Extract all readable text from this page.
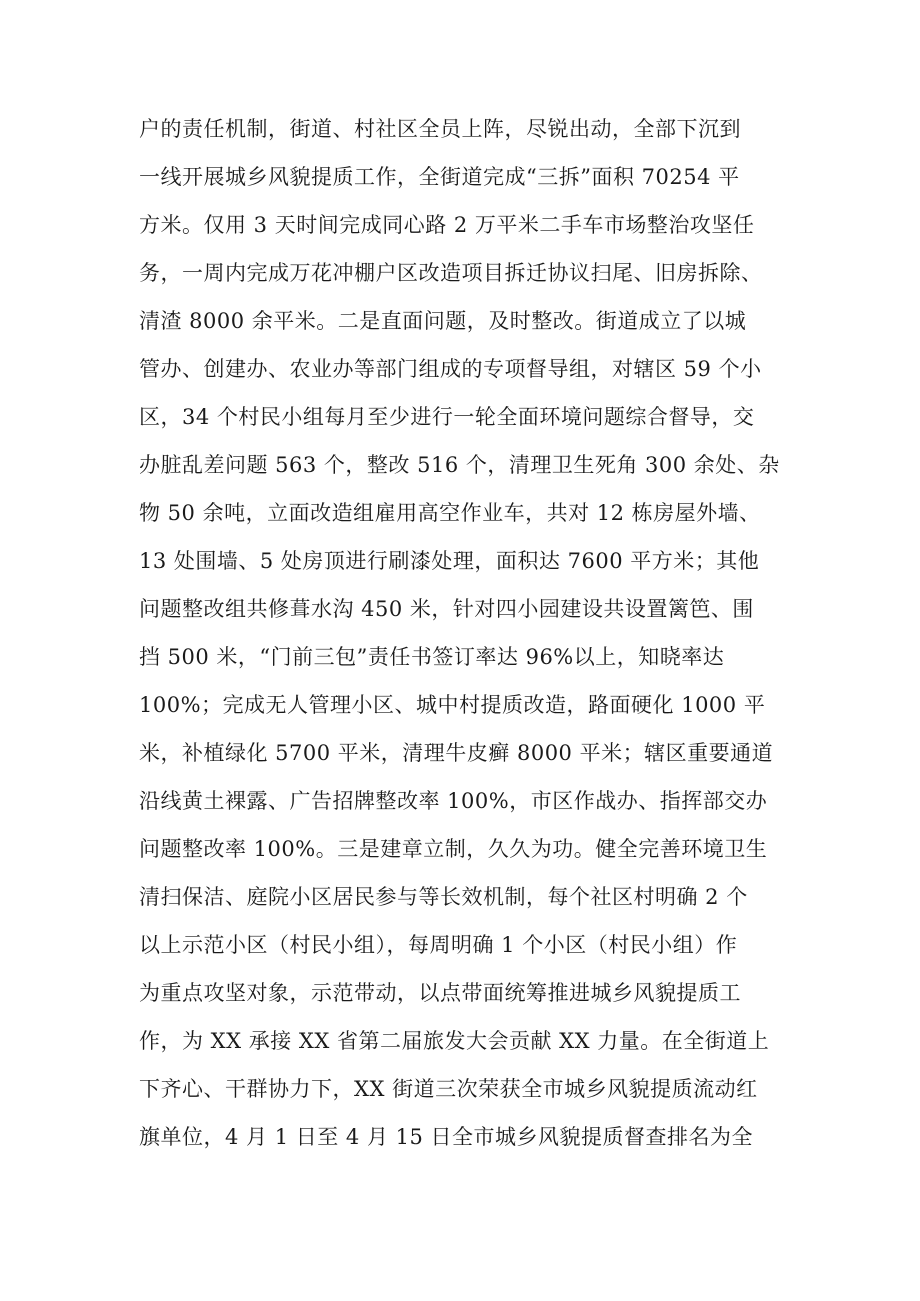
户的责任机制，街道、村社区全员上阵，尽锐出动，全部下沉到
一线开展城乡风貌提质工作，全街道完成“三拆”面积 70254 平
方米。仅用 3 天时间完成同心路 2 万平米二手车市场整治攻坚任
务，一周内完成万花冲棚户区改造项目拆迁协议扫尾、旧房拆除、
清渣 8000 余平米。二是直面问题，及时整改。街道成立了以城
管办、创建办、农业办等部门组成的专项督导组，对辖区 59 个小
区，34 个村民小组每月至少进行一轮全面环境问题综合督导，交
办脏乱差问题 563 个，整改 516 个，清理卫生死角 300 余处、杂
物 50 余吨，立面改造组雇用高空作业车，共对 12 栋房屋外墙、
13 处围墙、5 处房顶进行刷漆处理，面积达 7600 平方米；其他
问题整改组共修葺水沟 450 米，针对四小园建设共设置篱笆、围
挡 500 米，“门前三包”责任书签订率达 96%以上，知晓率达
100%；完成无人管理小区、城中村提质改造，路面硬化 1000 平
米，补植绿化 5700 平米，清理牛皮癣 8000 平米；辖区重要通道
沿线黄土裸露、广告招牌整改率 100%，市区作战办、指挥部交办
问题整改率 100%。三是建章立制，久久为功。健全完善环境卫生
清扫保洁、庭院小区居民参与等长效机制，每个社区村明确 2 个
以上示范小区（村民小组），每周明确 1 个小区（村民小组）作
为重点攻坚对象，示范带动，以点带面统筹推进城乡风貌提质工
作，为 XX 承接 XX 省第二届旅发大会贡献 XX 力量。在全街道上
下齐心、干群协力下，XX 街道三次荣获全市城乡风貌提质流动红
旗单位，4 月 1 日至 4 月 15 日全市城乡风貌提质督查排名为全
